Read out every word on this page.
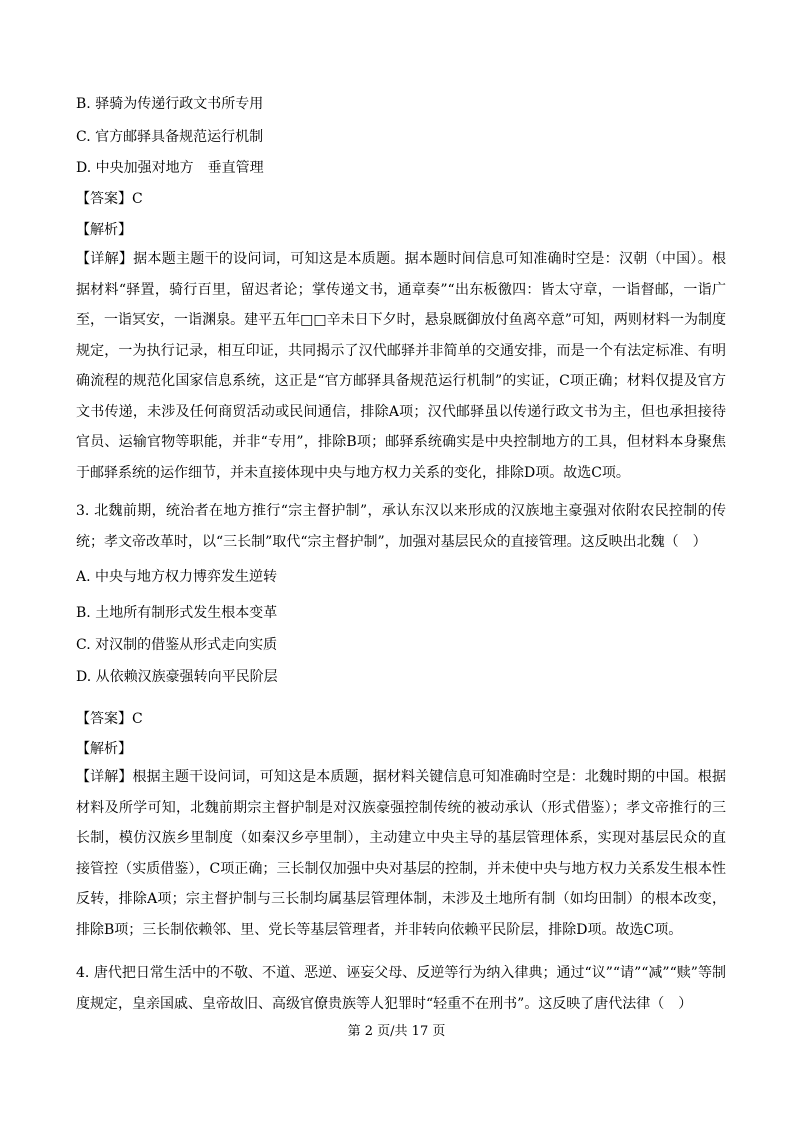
B. 驿骑为传递行政文书所专用
C. 官方邮驿具备规范运行机制
D. 中央加强对地方　垂直管理
【答案】C
【解析】
【详解】据本题主题干的设问词，可知这是本质题。据本题时间信息可知准确时空是：汉朝（中国）。根据材料“驿置，骑行百里，留迟者论；掌传递文书，通章奏”“出东板徼四：皆太守章，一诣督邮，一诣广至，一诣冥安，一诣渊泉。建平五年□□辛未日下夕时，悬泉厩御放付鱼离卒意”可知，两则材料一为制度规定，一为执行记录，相互印证，共同揭示了汉代邮驿并非简单的交通安排，而是一个有法定标准、有明确流程的规范化国家信息系统，这正是“官方邮驿具备规范运行机制”的实证，C项正确；材料仅提及官方文书传递，未涉及任何商贸活动或民间通信，排除A项；汉代邮驿虽以传递行政文书为主，但也承担接待官员、运输官物等职能，并非“专用”，排除B项；邮驿系统确实是中央控制地方的工具，但材料本身聚焦于邮驿系统的运作细节，并未直接体现中央与地方权力关系的变化，排除D项。故选C项。
3. 北魏前期，统治者在地方推行“宗主督护制”，承认东汉以来形成的汉族地主豪强对依附农民控制的传统；孝文帝改革时，以“三长制”取代“宗主督护制”，加强对基层民众的直接管理。这反映出北魏（　）
A. 中央与地方权力博弈发生逆转
B. 土地所有制形式发生根本变革
C. 对汉制的借鉴从形式走向实质
D. 从依赖汉族豪强转向平民阶层
【答案】C
【解析】
【详解】根据主题干设问词，可知这是本质题，据材料关键信息可知准确时空是：北魏时期的中国。根据材料及所学可知，北魏前期宗主督护制是对汉族豪强控制传统的被动承认（形式借鉴）；孝文帝推行的三长制，模仿汉族乡里制度（如秦汉乡亭里制），主动建立中央主导的基层管理体系，实现对基层民众的直接管控（实质借鉴），C项正确；三长制仅加强中央对基层的控制，并未使中央与地方权力关系发生根本性反转，排除A项；宗主督护制与三长制均属基层管理体制，未涉及土地所有制（如均田制）的根本改变，排除B项；三长制依赖邻、里、党长等基层管理者，并非转向依赖平民阶层，排除D项。故选C项。
4. 唐代把日常生活中的不敬、不道、恶逆、诬妄父母、反逆等行为纳入律典；通过“议”“请”“减”“赎”等制度规定，皇亲国戚、皇帝故旧、高级官僚贵族等人犯罪时“轻重不在刑书”。这反映了唐代法律（　）
第 2 页/共 17 页
